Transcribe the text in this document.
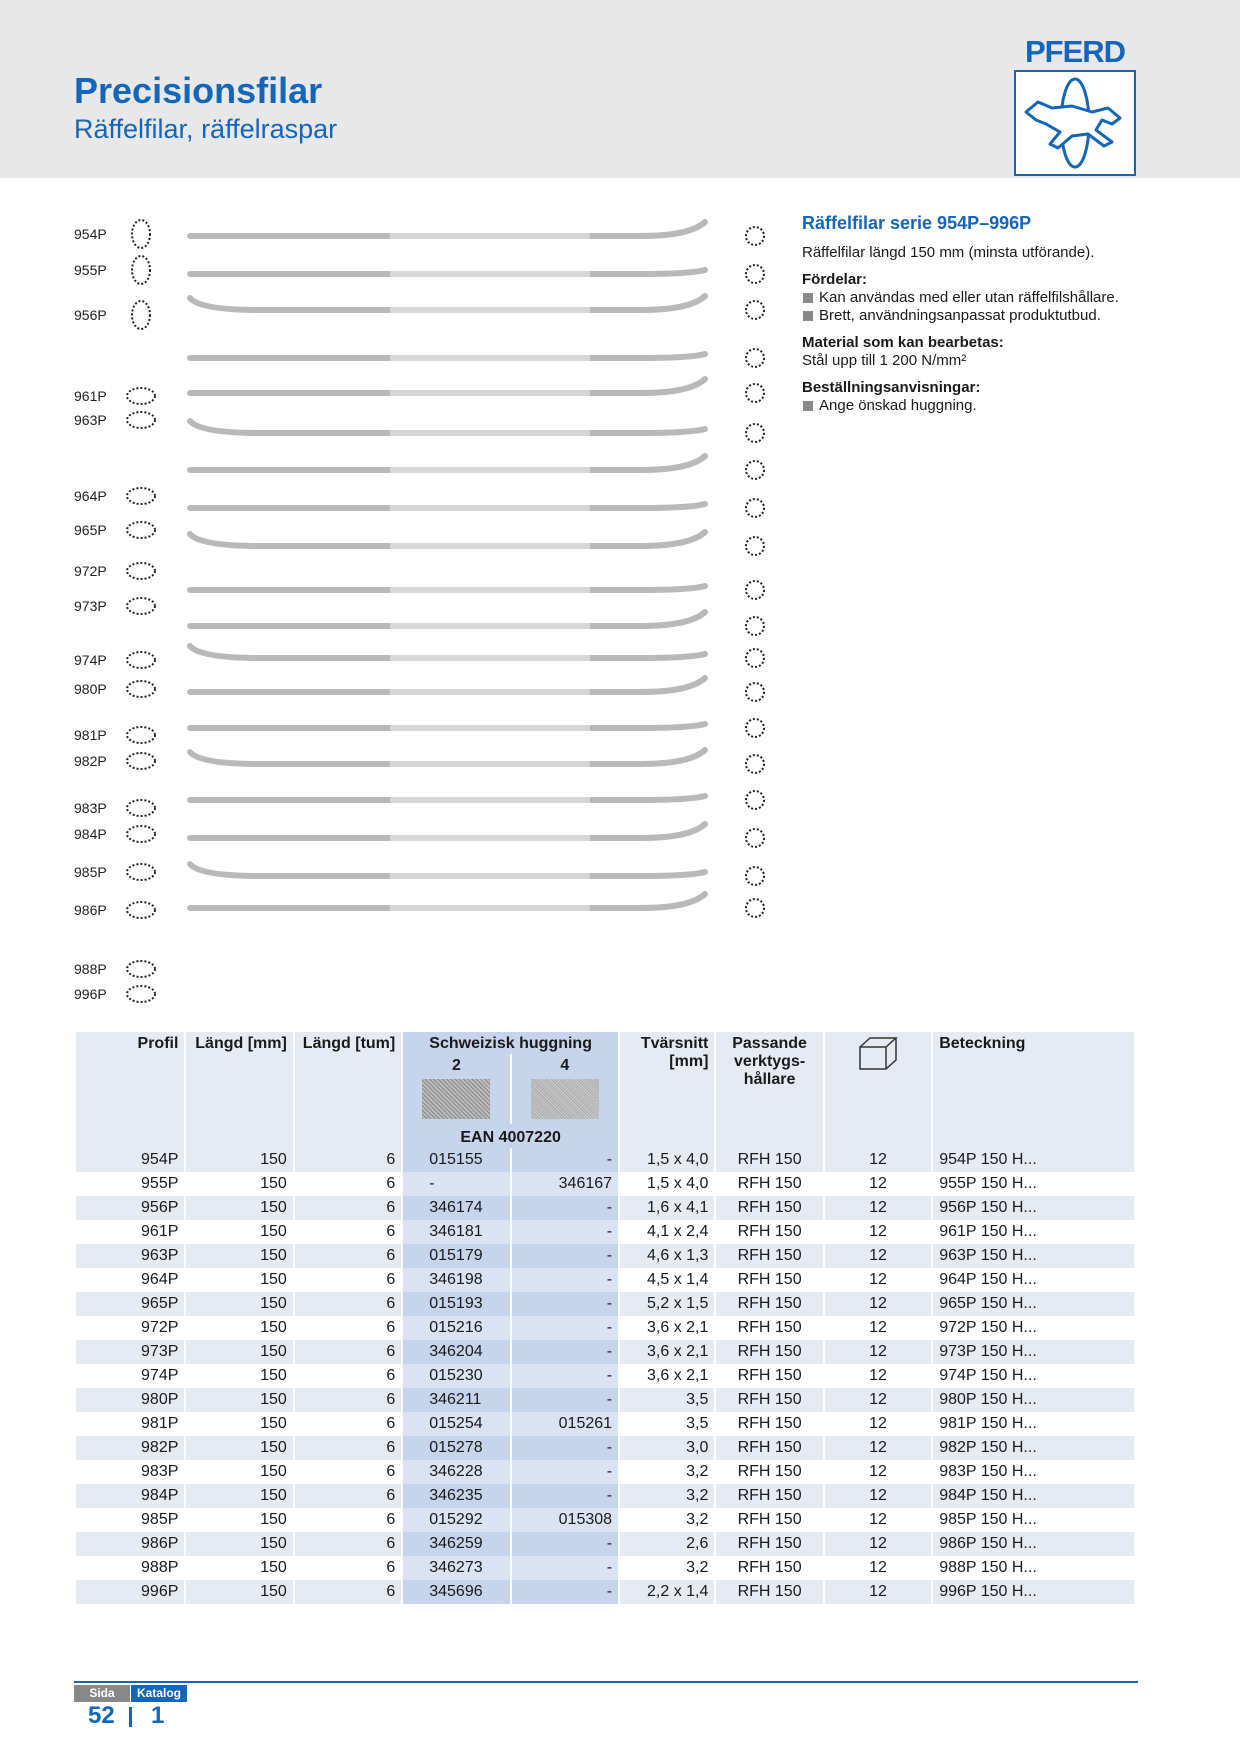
Precisionsfilar
Räffelfilar, räffelraspar
PFERD
954P
955P
956P
961P
963P
964P
965P
972P
973P
974P
980P
981P
982P
983P
984P
985P
986P
988P
996P
Räffelfilar serie 954P–996P
Räffelfilar längd 150 mm (minsta utförande).
Fördelar:
Kan användas med eller utan räffelfilshållare.
Brett, användningsanpassat produktutbud.
Material som kan bearbetas:
Stål upp till 1 200 N/mm²
Beställningsanvisningar:
Ange önskad huggning.
Profil	Längd [mm]	Längd [tum]	Schweizisk huggning		Tvärsnitt [mm]	Passande verktygs-hållare		Beteckning

			2	4				

			EAN 4007220					
954P	150	6	015155	-	1,5 x 4,0	RFH 150	12	954P 150 H...
955P	150	6	-	346167	1,5 x 4,0	RFH 150	12	955P 150 H...
956P	150	6	346174	-	1,6 x 4,1	RFH 150	12	956P 150 H...
961P	150	6	346181	-	4,1 x 2,4	RFH 150	12	961P 150 H...
963P	150	6	015179	-	4,6 x 1,3	RFH 150	12	963P 150 H...
964P	150	6	346198	-	4,5 x 1,4	RFH 150	12	964P 150 H...
965P	150	6	015193	-	5,2 x 1,5	RFH 150	12	965P 150 H...
972P	150	6	015216	-	3,6 x 2,1	RFH 150	12	972P 150 H...
973P	150	6	346204	-	3,6 x 2,1	RFH 150	12	973P 150 H...
974P	150	6	015230	-	3,6 x 2,1	RFH 150	12	974P 150 H...
980P	150	6	346211	-	3,5	RFH 150	12	980P 150 H...
981P	150	6	015254	015261	3,5	RFH 150	12	981P 150 H...
982P	150	6	015278	-	3,0	RFH 150	12	982P 150 H...
983P	150	6	346228	-	3,2	RFH 150	12	983P 150 H...
984P	150	6	346235	-	3,2	RFH 150	12	984P 150 H...
985P	150	6	015292	015308	3,2	RFH 150	12	985P 150 H...
986P	150	6	346259	-	2,6	RFH 150	12	986P 150 H...
988P	150	6	346273	-	3,2	RFH 150	12	988P 150 H...
996P	150	6	345696	-	2,2 x 1,4	RFH 150	12	996P 150 H...
Sida	Katalog
52 1
